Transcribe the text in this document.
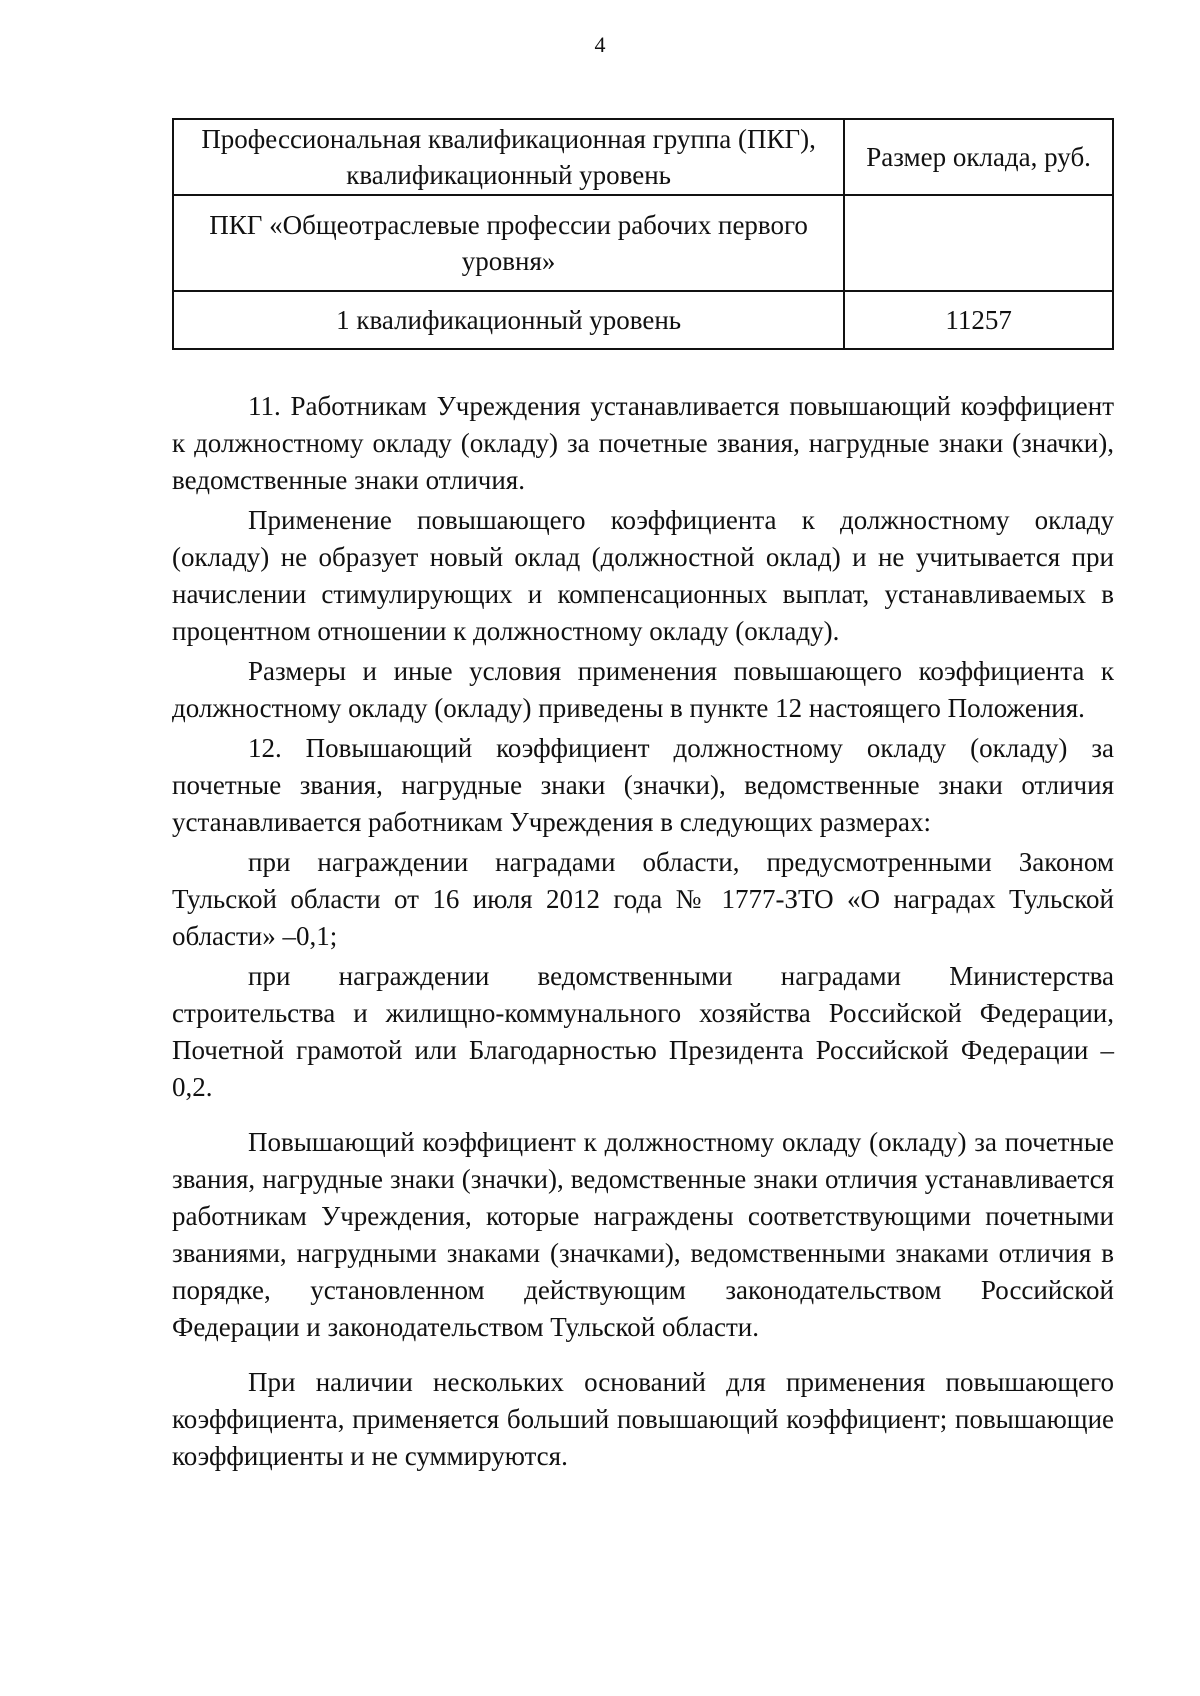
4
Профессиональная квалификационная группа (ПКГ), квалификационный уровень	Размер оклада, руб.
ПКГ «Общеотраслевые профессии рабочих первого уровня»	
1 квалификационный уровень	11257

11. Работникам Учреждения устанавливается повышающий коэффициент к должностному окладу (окладу) за почетные звания, нагрудные знаки (значки), ведомственные знаки отличия.

Применение повышающего коэффициента к должностному окладу (окладу) не образует новый оклад (должностной оклад) и не учитывается при начислении стимулирующих и компенсационных выплат, устанавливаемых в процентном отношении к должностному окладу (окладу).

Размеры и иные условия применения повышающего коэффициента к должностному окладу (окладу) приведены в пункте 12 настоящего Положения.

12. Повышающий коэффициент должностному окладу (окладу) за почетные звания, нагрудные знаки (значки), ведомственные знаки отличия устанавливается работникам Учреждения в следующих размерах:

при награждении наградами области, предусмотренными Законом Тульской области от 16 июля 2012 года № 1777-ЗТО «О наградах Тульской области» –0,1;

при награждении ведомственными наградами Министерства строительства и жилищно-коммунального хозяйства Российской Федерации, Почетной грамотой или Благодарностью Президента Российской Федерации – 0,2.

Повышающий коэффициент к должностному окладу (окладу) за почетные звания, нагрудные знаки (значки), ведомственные знаки отличия устанавливается работникам Учреждения, которые награждены соответствующими почетными званиями, нагрудными знаками (значками), ведомственными знаками отличия в порядке, установленном действующим законодательством Российской Федерации и законодательством Тульской области.

При наличии нескольких оснований для применения повышающего коэффициента, применяется больший повышающий коэффициент; повышающие коэффициенты и не суммируются.
